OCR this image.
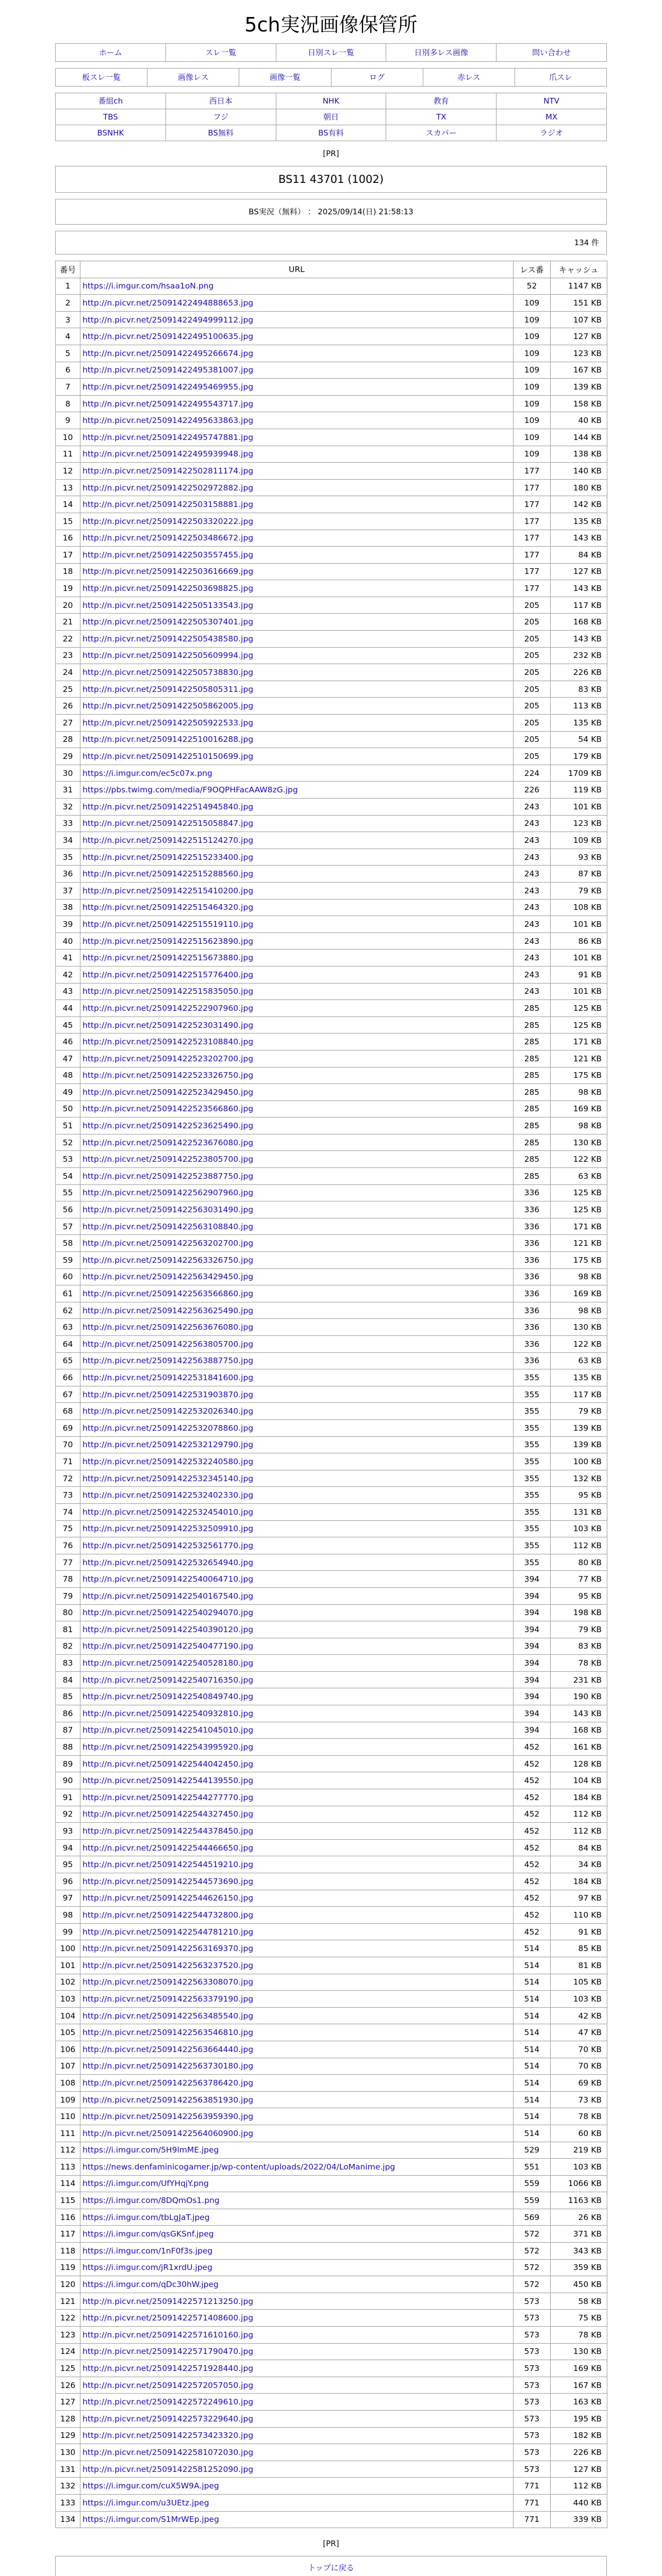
5ch実況画像保管所
ホーム	スレ一覧	日別スレ一覧	日別多レス画像	問い合わせ
板スレ一覧	画像レス	画像一覧	ログ	赤レス	爪スレ
番組ch	西日本	NHK	教育	NTV
TBS	フジ	朝日	TX	MX
BSNHK	BS無料	BS有料	スカパー	ラジオ
[PR]
BS11 43701 (1002)
BS実況（無料） ： 2025/09/14(日) 21:58:13
134 件
番号	URL	レス番	キャッシュ
1	https://i.imgur.com/hsaa1oN.png	52	1147 KB
2	http://n.picvr.net/25091422494888653.jpg	109	151 KB
3	http://n.picvr.net/25091422494999112.jpg	109	107 KB
4	http://n.picvr.net/25091422495100635.jpg	109	127 KB
5	http://n.picvr.net/25091422495266674.jpg	109	123 KB
6	http://n.picvr.net/25091422495381007.jpg	109	167 KB
7	http://n.picvr.net/25091422495469955.jpg	109	139 KB
8	http://n.picvr.net/25091422495543717.jpg	109	158 KB
9	http://n.picvr.net/25091422495633863.jpg	109	40 KB
10	http://n.picvr.net/25091422495747881.jpg	109	144 KB
11	http://n.picvr.net/25091422495939948.jpg	109	138 KB
12	http://n.picvr.net/25091422502811174.jpg	177	140 KB
13	http://n.picvr.net/25091422502972882.jpg	177	180 KB
14	http://n.picvr.net/25091422503158881.jpg	177	142 KB
15	http://n.picvr.net/25091422503320222.jpg	177	135 KB
16	http://n.picvr.net/25091422503486672.jpg	177	143 KB
17	http://n.picvr.net/25091422503557455.jpg	177	84 KB
18	http://n.picvr.net/25091422503616669.jpg	177	127 KB
19	http://n.picvr.net/25091422503698825.jpg	177	143 KB
20	http://n.picvr.net/25091422505133543.jpg	205	117 KB
21	http://n.picvr.net/25091422505307401.jpg	205	168 KB
22	http://n.picvr.net/25091422505438580.jpg	205	143 KB
23	http://n.picvr.net/25091422505609994.jpg	205	232 KB
24	http://n.picvr.net/25091422505738830.jpg	205	226 KB
25	http://n.picvr.net/25091422505805311.jpg	205	83 KB
26	http://n.picvr.net/25091422505862005.jpg	205	113 KB
27	http://n.picvr.net/25091422505922533.jpg	205	135 KB
28	http://n.picvr.net/25091422510016288.jpg	205	54 KB
29	http://n.picvr.net/25091422510150699.jpg	205	179 KB
30	https://i.imgur.com/ec5c07x.png	224	1709 KB
31	https://pbs.twimg.com/media/F9OQPHFacAAW8zG.jpg	226	119 KB
32	http://n.picvr.net/25091422514945840.jpg	243	101 KB
33	http://n.picvr.net/25091422515058847.jpg	243	123 KB
34	http://n.picvr.net/25091422515124270.jpg	243	109 KB
35	http://n.picvr.net/25091422515233400.jpg	243	93 KB
36	http://n.picvr.net/25091422515288560.jpg	243	87 KB
37	http://n.picvr.net/25091422515410200.jpg	243	79 KB
38	http://n.picvr.net/25091422515464320.jpg	243	108 KB
39	http://n.picvr.net/25091422515519110.jpg	243	101 KB
40	http://n.picvr.net/25091422515623890.jpg	243	86 KB
41	http://n.picvr.net/25091422515673880.jpg	243	101 KB
42	http://n.picvr.net/25091422515776400.jpg	243	91 KB
43	http://n.picvr.net/25091422515835050.jpg	243	101 KB
44	http://n.picvr.net/25091422522907960.jpg	285	125 KB
45	http://n.picvr.net/25091422523031490.jpg	285	125 KB
46	http://n.picvr.net/25091422523108840.jpg	285	171 KB
47	http://n.picvr.net/25091422523202700.jpg	285	121 KB
48	http://n.picvr.net/25091422523326750.jpg	285	175 KB
49	http://n.picvr.net/25091422523429450.jpg	285	98 KB
50	http://n.picvr.net/25091422523566860.jpg	285	169 KB
51	http://n.picvr.net/25091422523625490.jpg	285	98 KB
52	http://n.picvr.net/25091422523676080.jpg	285	130 KB
53	http://n.picvr.net/25091422523805700.jpg	285	122 KB
54	http://n.picvr.net/25091422523887750.jpg	285	63 KB
55	http://n.picvr.net/25091422562907960.jpg	336	125 KB
56	http://n.picvr.net/25091422563031490.jpg	336	125 KB
57	http://n.picvr.net/25091422563108840.jpg	336	171 KB
58	http://n.picvr.net/25091422563202700.jpg	336	121 KB
59	http://n.picvr.net/25091422563326750.jpg	336	175 KB
60	http://n.picvr.net/25091422563429450.jpg	336	98 KB
61	http://n.picvr.net/25091422563566860.jpg	336	169 KB
62	http://n.picvr.net/25091422563625490.jpg	336	98 KB
63	http://n.picvr.net/25091422563676080.jpg	336	130 KB
64	http://n.picvr.net/25091422563805700.jpg	336	122 KB
65	http://n.picvr.net/25091422563887750.jpg	336	63 KB
66	http://n.picvr.net/25091422531841600.jpg	355	135 KB
67	http://n.picvr.net/25091422531903870.jpg	355	117 KB
68	http://n.picvr.net/25091422532026340.jpg	355	79 KB
69	http://n.picvr.net/25091422532078860.jpg	355	139 KB
70	http://n.picvr.net/25091422532129790.jpg	355	139 KB
71	http://n.picvr.net/25091422532240580.jpg	355	100 KB
72	http://n.picvr.net/25091422532345140.jpg	355	132 KB
73	http://n.picvr.net/25091422532402330.jpg	355	95 KB
74	http://n.picvr.net/25091422532454010.jpg	355	131 KB
75	http://n.picvr.net/25091422532509910.jpg	355	103 KB
76	http://n.picvr.net/25091422532561770.jpg	355	112 KB
77	http://n.picvr.net/25091422532654940.jpg	355	80 KB
78	http://n.picvr.net/25091422540064710.jpg	394	77 KB
79	http://n.picvr.net/25091422540167540.jpg	394	95 KB
80	http://n.picvr.net/25091422540294070.jpg	394	198 KB
81	http://n.picvr.net/25091422540390120.jpg	394	79 KB
82	http://n.picvr.net/25091422540477190.jpg	394	83 KB
83	http://n.picvr.net/25091422540528180.jpg	394	78 KB
84	http://n.picvr.net/25091422540716350.jpg	394	231 KB
85	http://n.picvr.net/25091422540849740.jpg	394	190 KB
86	http://n.picvr.net/25091422540932810.jpg	394	143 KB
87	http://n.picvr.net/25091422541045010.jpg	394	168 KB
88	http://n.picvr.net/25091422543995920.jpg	452	161 KB
89	http://n.picvr.net/25091422544042450.jpg	452	128 KB
90	http://n.picvr.net/25091422544139550.jpg	452	104 KB
91	http://n.picvr.net/25091422544277770.jpg	452	184 KB
92	http://n.picvr.net/25091422544327450.jpg	452	112 KB
93	http://n.picvr.net/25091422544378450.jpg	452	112 KB
94	http://n.picvr.net/25091422544466650.jpg	452	84 KB
95	http://n.picvr.net/25091422544519210.jpg	452	34 KB
96	http://n.picvr.net/25091422544573690.jpg	452	184 KB
97	http://n.picvr.net/25091422544626150.jpg	452	97 KB
98	http://n.picvr.net/25091422544732800.jpg	452	110 KB
99	http://n.picvr.net/25091422544781210.jpg	452	91 KB
100	http://n.picvr.net/25091422563169370.jpg	514	85 KB
101	http://n.picvr.net/25091422563237520.jpg	514	81 KB
102	http://n.picvr.net/25091422563308070.jpg	514	105 KB
103	http://n.picvr.net/25091422563379190.jpg	514	103 KB
104	http://n.picvr.net/25091422563485540.jpg	514	42 KB
105	http://n.picvr.net/25091422563546810.jpg	514	47 KB
106	http://n.picvr.net/25091422563664440.jpg	514	70 KB
107	http://n.picvr.net/25091422563730180.jpg	514	70 KB
108	http://n.picvr.net/25091422563786420.jpg	514	69 KB
109	http://n.picvr.net/25091422563851930.jpg	514	73 KB
110	http://n.picvr.net/25091422563959390.jpg	514	78 KB
111	http://n.picvr.net/25091422564060900.jpg	514	60 KB
112	https://i.imgur.com/5H9lmME.jpeg	529	219 KB
113	https://news.denfaminicogamer.jp/wp-content/uploads/2022/04/LoManime.jpg	551	103 KB
114	https://i.imgur.com/UfYHqjY.png	559	1066 KB
115	https://i.imgur.com/8DQmOs1.png	559	1163 KB
116	https://i.imgur.com/tbLgJaT.jpeg	569	26 KB
117	https://i.imgur.com/qsGKSnf.jpeg	572	371 KB
118	https://i.imgur.com/1nF0f3s.jpeg	572	343 KB
119	https://i.imgur.com/jR1xrdU.jpeg	572	359 KB
120	https://i.imgur.com/qDc30hW.jpeg	572	450 KB
121	http://n.picvr.net/25091422571213250.jpg	573	58 KB
122	http://n.picvr.net/25091422571408600.jpg	573	75 KB
123	http://n.picvr.net/25091422571610160.jpg	573	78 KB
124	http://n.picvr.net/25091422571790470.jpg	573	130 KB
125	http://n.picvr.net/25091422571928440.jpg	573	169 KB
126	http://n.picvr.net/25091422572057050.jpg	573	167 KB
127	http://n.picvr.net/25091422572249610.jpg	573	163 KB
128	http://n.picvr.net/25091422573229640.jpg	573	195 KB
129	http://n.picvr.net/25091422573423320.jpg	573	182 KB
130	http://n.picvr.net/25091422581072030.jpg	573	226 KB
131	http://n.picvr.net/25091422581252090.jpg	573	127 KB
132	https://i.imgur.com/cuX5W9A.jpeg	771	112 KB
133	https://i.imgur.com/u3UEtz.jpeg	771	440 KB
134	https://i.imgur.com/S1MrWEp.jpeg	771	339 KB
[PR]
トップに戻る
